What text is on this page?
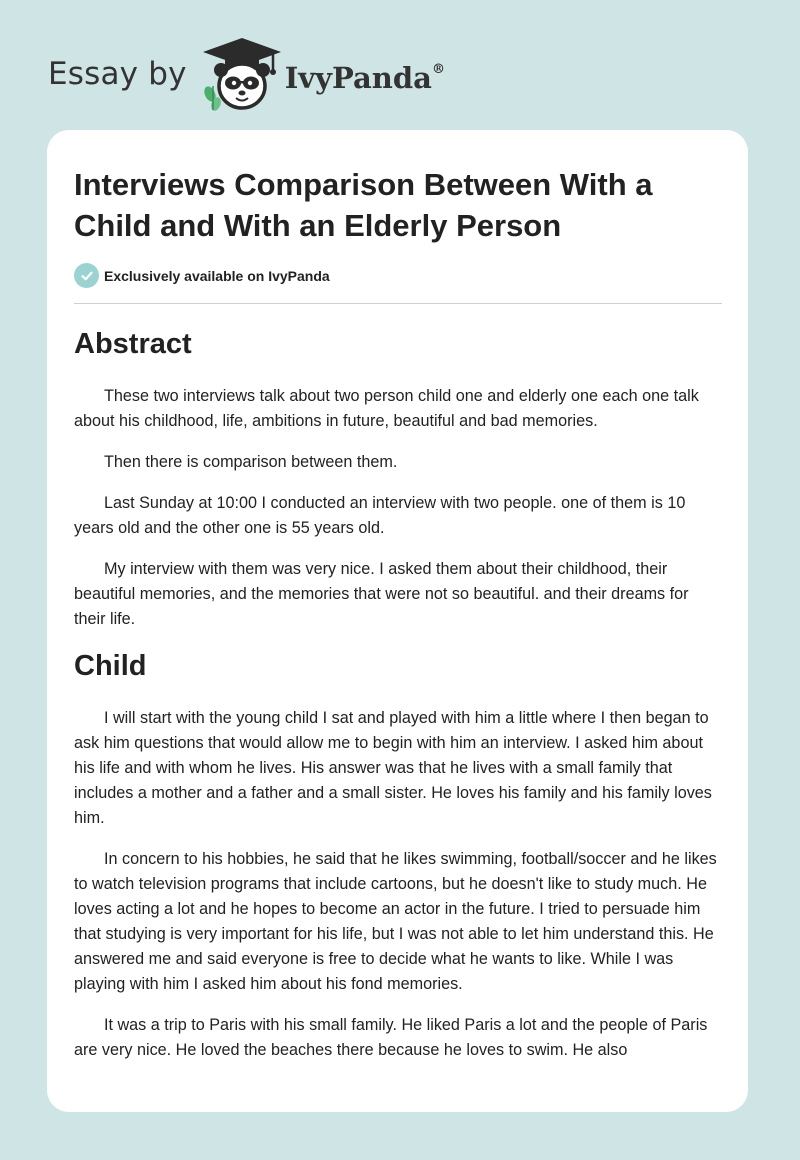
Essay by	IvyPanda®
Interviews Comparison Between With a Child and With an Elderly Person
Exclusively available on IvyPanda
Abstract

These two interviews talk about two person child one and elderly one each one talk about his childhood, life, ambitions in future, beautiful and bad memories.

Then there is comparison between them.

Last Sunday at 10:00 I conducted an interview with two people. one of them is 10 years old and the other one is 55 years old.

My interview with them was very nice. I asked them about their childhood, their beautiful memories, and the memories that were not so beautiful. and their dreams for their life.

Child

I will start with the young child I sat and played with him a little where I then began to ask him questions that would allow me to begin with him an interview. I asked him about his life and with whom he lives. His answer was that he lives with a small family that includes a mother and a father and a small sister. He loves his family and his family loves him.

In concern to his hobbies, he said that he likes swimming, football/soccer and he likes to watch television programs that include cartoons, but he doesn't like to study much. He loves acting a lot and he hopes to become an actor in the future. I tried to persuade him that studying is very important for his life, but I was not able to let him understand this. He answered me and said everyone is free to decide what he wants to like. While I was playing with him I asked him about his fond memories.

It was a trip to Paris with his small family. He liked Paris a lot and the people of Paris are very nice. He loved the beaches there because he loves to swim. He also
